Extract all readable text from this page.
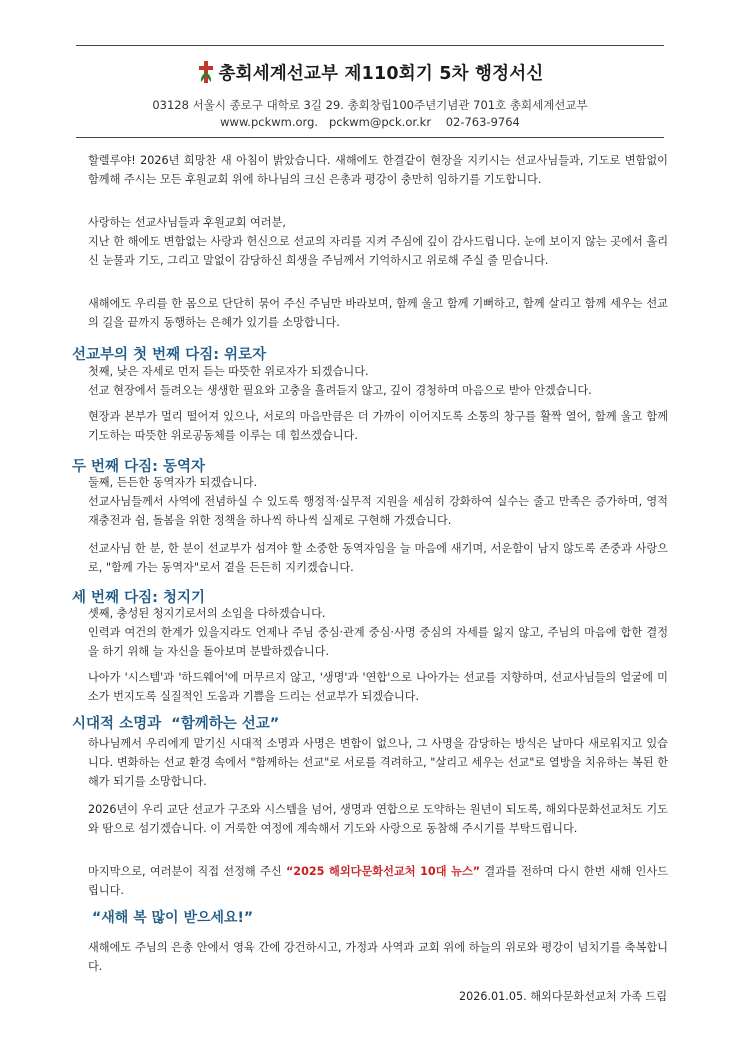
총회세계선교부 제110회기 5차 행정서신
03128 서울시 종로구 대학로 3길 29. 총회창립100주년기념관 701호 총회세계선교부
www.pckwm.org.   pckwm@pck.or.kr    02-763-9764
할렐루야! 2026년 희망찬 새 아침이 밝았습니다. 새해에도 한결같이 현장을 지키시는 선교사님들과, 기도로 변함없이 함께해 주시는 모든 후원교회 위에 하나님의 크신 은총과 평강이 충만히 임하기를 기도합니다.
사랑하는 선교사님들과 후원교회 여러분,
지난 한 해에도 변함없는 사랑과 헌신으로 선교의 자리를 지켜 주심에 깊이 감사드립니다. 눈에 보이지 않는 곳에서 흘리신 눈물과 기도, 그리고 말없이 감당하신 희생을 주님께서 기억하시고 위로해 주실 줄 믿습니다.
새해에도 우리를 한 몸으로 단단히 묶어 주신 주님만 바라보며, 함께 울고 함께 기뻐하고, 함께 살리고 함께 세우는 선교의 길을 끝까지 동행하는 은혜가 있기를 소망합니다.
선교부의 첫 번째 다짐: 위로자
첫째, 낮은 자세로 먼저 듣는 따뜻한 위로자가 되겠습니다.
선교 현장에서 들려오는 생생한 필요와 고충을 흘려듣지 않고, 깊이 경청하며 마음으로 받아 안겠습니다.
현장과 본부가 멀리 떨어져 있으나, 서로의 마음만큼은 더 가까이 이어지도록 소통의 창구를 활짝 열어, 함께 울고 함께 기도하는 따뜻한 위로공동체를 이루는 데 힘쓰겠습니다.
두 번째 다짐: 동역자
둘째, 든든한 동역자가 되겠습니다.
선교사님들께서 사역에 전념하실 수 있도록 행정적·실무적 지원을 세심히 강화하여 실수는 줄고 만족은 증가하며, 영적 재충전과 쉼, 돌봄을 위한 정책을 하나씩 하나씩 실제로 구현해 가겠습니다.
선교사님 한 분, 한 분이 선교부가 섬겨야 할 소중한 동역자임을 늘 마음에 새기며, 서운함이 남지 않도록 존중과 사랑으로, "함께 가는 동역자"로서 곁을 든든히 지키겠습니다.
세 번째 다짐: 청지기
셋째, 충성된 청지기로서의 소임을 다하겠습니다.
인력과 여건의 한계가 있을지라도 언제나 주님 중심·관계 중심·사명 중심의 자세를 잃지 않고, 주님의 마음에 합한 결정을 하기 위해 늘 자신을 돌아보며 분발하겠습니다.
나아가 '시스템'과 '하드웨어'에 머무르지 않고, '생명'과 '연합'으로 나아가는 선교를 지향하며, 선교사님들의 얼굴에 미소가 번지도록 실질적인 도움과 기쁨을 드리는 선교부가 되겠습니다.
시대적 소명과  “함께하는 선교”
하나님께서 우리에게 맡기신 시대적 소명과 사명은 변함이 없으나, 그 사명을 감당하는 방식은 날마다 새로워지고 있습니다. 변화하는 선교 환경 속에서 "함께하는 선교"로 서로를 격려하고, "살리고 세우는 선교"로 열방을 치유하는 복된 한 해가 되기를 소망합니다.
2026년이 우리 교단 선교가 구조와 시스템을 넘어, 생명과 연합으로 도약하는 원년이 되도록, 해외다문화선교처도 기도와 땀으로 섬기겠습니다. 이 거룩한 여정에 계속해서 기도와 사랑으로 동참해 주시기를 부탁드립니다.
마지막으로, 여러분이 직접 선정해 주신 “2025 해외다문화선교처 10대 뉴스” 결과를 전하며 다시 한번 새해 인사드립니다.
“새해 복 많이 받으세요!”
새해에도 주님의 은총 안에서 영육 간에 강건하시고, 가정과 사역과 교회 위에 하늘의 위로와 평강이 넘치기를 축복합니다.
2026.01.05. 해외다문화선교처 가족 드림
